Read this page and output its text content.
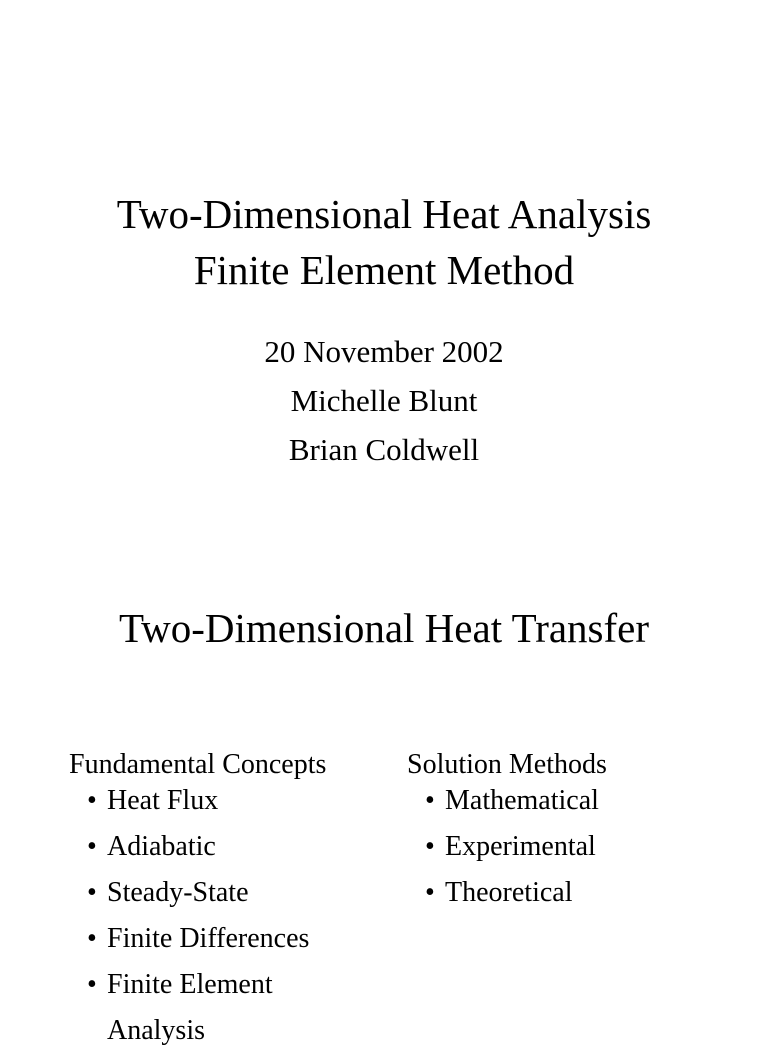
Two-Dimensional Heat Analysis
Finite Element Method
20 November 2002
Michelle Blunt
Brian Coldwell
Two-Dimensional Heat Transfer
Fundamental Concepts
• Heat Flux
• Adiabatic
• Steady-State
• Finite Differences
• Finite Element
Analysis
Solution Methods
• Mathematical
• Experimental
• Theoretical
